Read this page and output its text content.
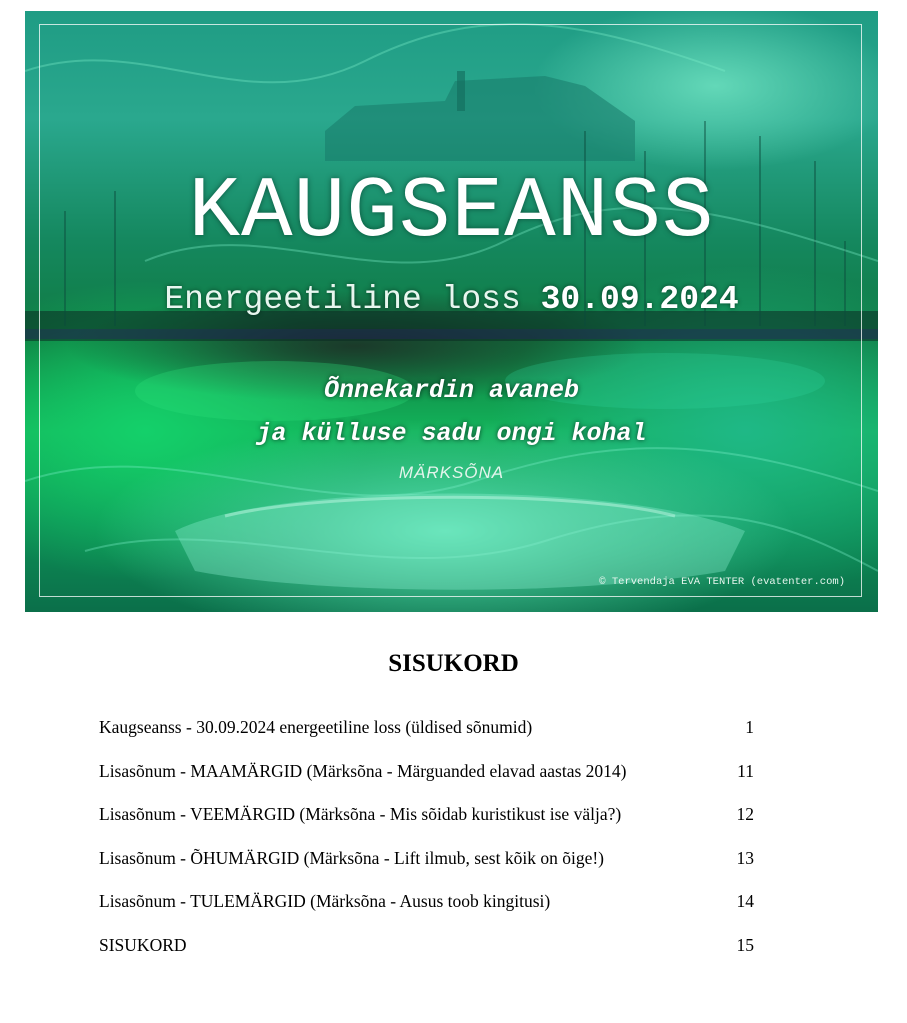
KAUGSEANSS
Energeetiline loss 30.09.2024
Õnnekardin avaneb
ja külluse sadu ongi kohal
MÄRKSÕNA
© Tervendaja EVA TENTER (evatenter.com)
SISUKORD
Kaugseanss - 30.09.2024 energeetiline loss (üldised sõnumid)	1
Lisasõnum - MAAMÄRGID (Märksõna - Märguanded elavad aastas 2014)	11
Lisasõnum - VEEMÄRGID (Märksõna - Mis sõidab kuristikust ise välja?)	12
Lisasõnum - ÕHUMÄRGID (Märksõna - Lift ilmub, sest kõik on õige!)	13
Lisasõnum - TULEMÄRGID (Märksõna - Ausus toob kingitusi)	14
SISUKORD	15
